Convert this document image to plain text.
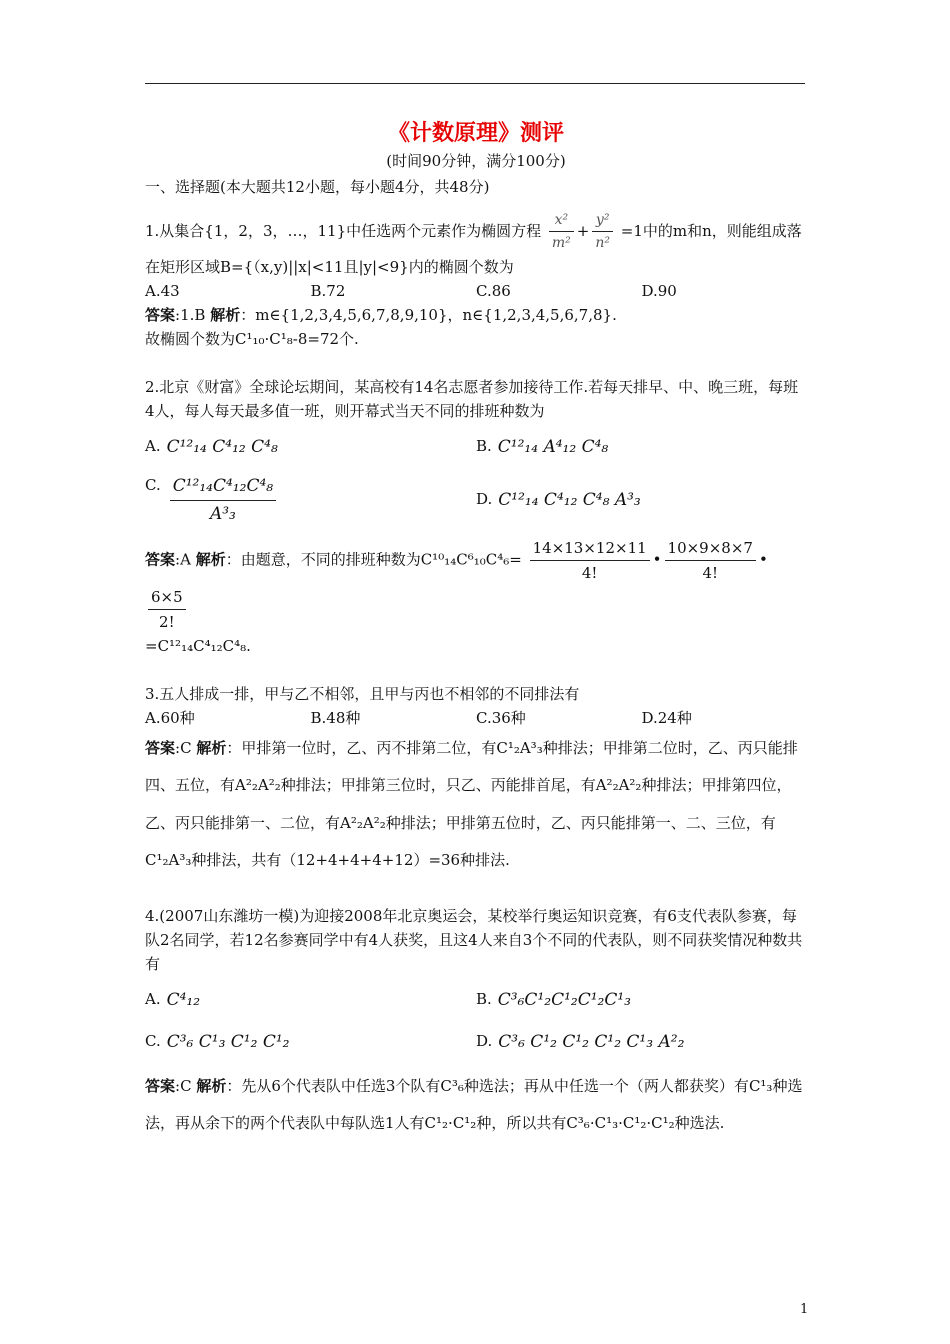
《计数原理》测评
(时间90分钟，满分100分)
一、选择题(本大题共12小题，每小题4分，共48分)
1.从集合{1，2，3，…，11}中任选两个元素作为椭圆方程 $\frac{\text{x²}}{\text{m²}} + \frac{\text{y²}}{\text{n²}} =1$中的m和n，则能组成落
在矩形区域B={（x,y)||x|<11且|y|<9}内的椭圆个数为
A.43	B.72	C.86	D.90
答案:1.B 解析：m∈{1,2,3,4,5,6,7,8,9,10}，n∈{1,2,3,4,5,6,7,8}.
故椭圆个数为C¹₁₀·C¹₈-8=72个.
2.北京《财富》全球论坛期间，某高校有14名志愿者参加接待工作.若每天排早、中、晚三班，每班4人，每人每天最多值一班，则开幕式当天不同的排班种数为
A. C¹²₁₄ C⁴₁₂ C⁴₈	B. C¹²₁₄ A⁴₁₂ C⁴₈
C. $\frac{\text{C¹²₁₄C⁴₁₂C⁴₈}}{\text{A³₃}}$	D. C¹²₁₄ C⁴₁₂ C⁴₈ A³₃
答案:A 解析：由题意，不同的排班种数为$C^{10}_{14}C^6_{10}C^4_6= \frac{14\times 13\times 12\times 11}{4!}$ • $\frac{10\times 9\times 8\times 7}{4!}$ •
$\frac{6\times 5}{2!}$
=C¹²₁₄C⁴₁₂C⁴₈.
3.五人排成一排，甲与乙不相邻，且甲与丙也不相邻的不同排法有
A.60种	B.48种	C.36种	D.24种
答案:C 解析：甲排第一位时，乙、丙不排第二位，有C¹₂A³₃种排法；甲排第二位时，乙、丙只能排四、五位，有A²₂A²₂种排法；甲排第三位时，只乙、丙能排首尾，有A²₂A²₂种排法；甲排第四位，乙、丙只能排第一、二位，有A²₂A²₂种排法；甲排第五位时，乙、丙只能排第一、二、三位，有C¹₂A³₃种排法，共有（12+4+4+4+12）=36种排法.
4.(2007山东潍坊一模)为迎接2008年北京奥运会，某校举行奥运知识竞赛，有6支代表队参赛，每队2名同学，若12名参赛同学中有4人获奖，且这4人来自3个不同的代表队，则不同获奖情况种数共有
A. C⁴₁₂	B. C³₆C¹₂C¹₂C¹₂C¹₃
C. C³₆ C¹₃ C¹₂ C¹₂	D. C³₆ C¹₂ C¹₂ C¹₂ C¹₃ A²₂
答案:C 解析：先从6个代表队中任选3个队有C³₆种选法；再从中任选一个（两人都获奖）有C¹₃种选法，再从余下的两个代表队中每队选1人有C¹₂·C¹₂种，所以共有C³₆·C¹₃·C¹₂·C¹₂种选法.
1
